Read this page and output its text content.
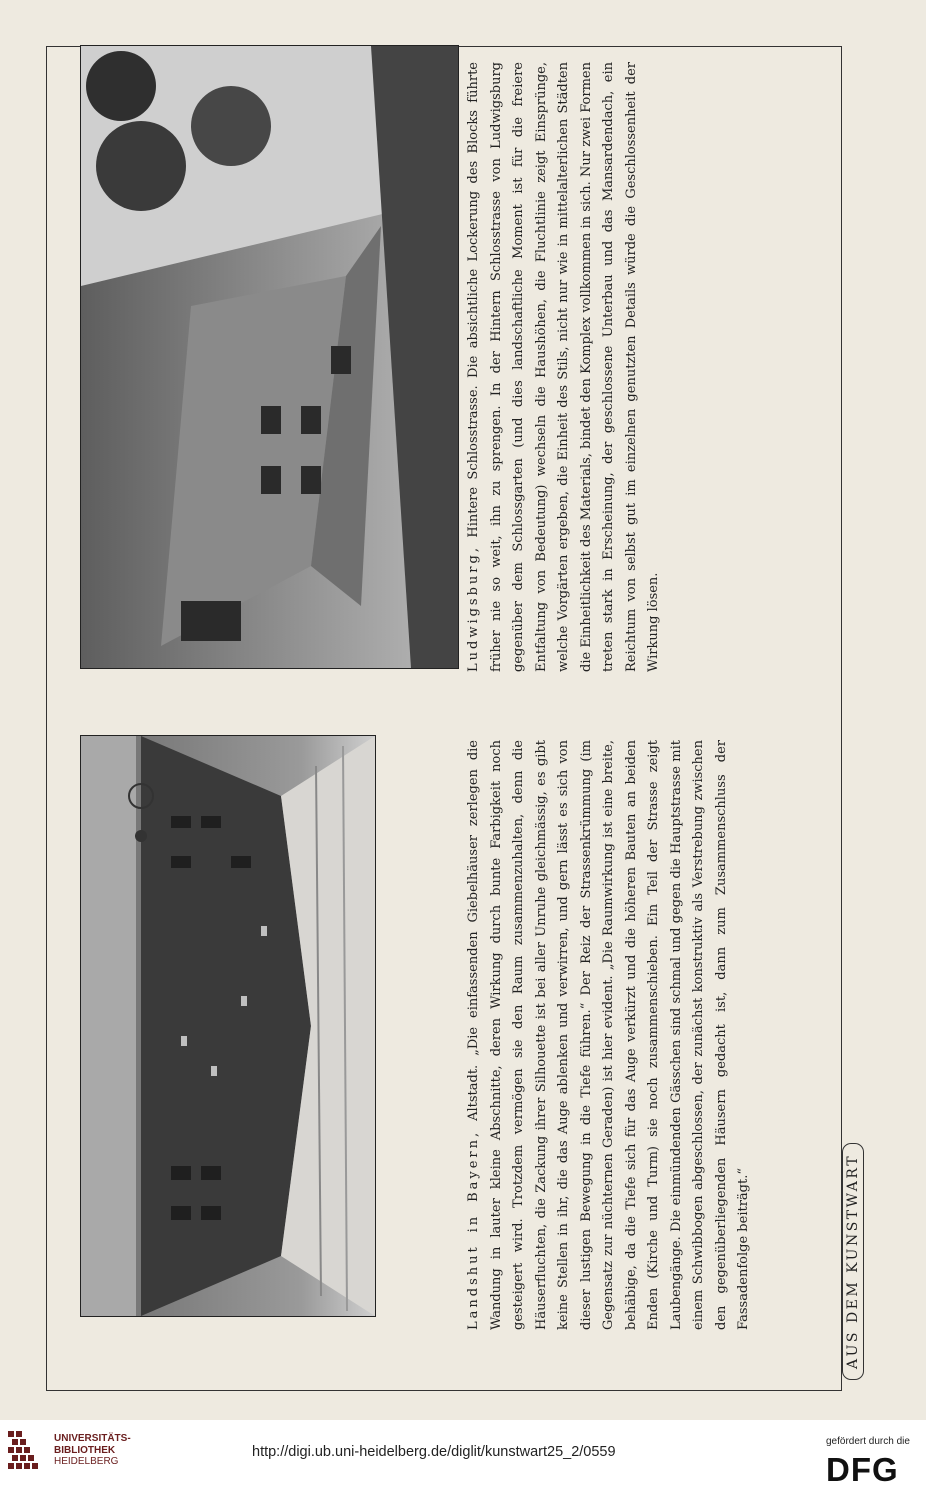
Landshut in Bayern, Altstadt. „Die einfassenden Giebelhäuser zerlegen die Wandung in lauter kleine Abschnitte, deren Wirkung durch bunte Farbigkeit noch gesteigert wird. Trotzdem vermögen sie den Raum zusammenzuhalten, denn die Häuserfluchten, die Zackung ihrer Silhouette ist bei aller Unruhe gleichmässig, es gibt keine Stellen in ihr, die das Auge ablenken und verwirren, und gern lässt es sich von dieser lustigen Bewegung in die Tiefe führen.“ Der Reiz der Strassenkrümmung (im Gegensatz zur nüchternen Geraden) ist hier evident. „Die Raumwirkung ist eine breite, behäbige, da die Tiefe sich für das Auge verkürzt und die höheren Bauten an beiden Enden (Kirche und Turm) sie noch zusammenschieben. Ein Teil der Strasse zeigt Laubengänge. Die einmündenden Gässchen sind schmal und gegen die Hauptstrasse mit einem Schwibbogen abgeschlossen, der zunächst konstruktiv als Verstrebung zwischen den gegenüberliegenden Häusern gedacht ist, dann zum Zusammenschluss der Fassadenfolge beiträgt.“

Ludwigsburg, Hintere Schlosstrasse. Die absichtliche Lockerung des Blocks führte früher nie so weit, ihn zu sprengen. In der Hintern Schlosstrasse von Ludwigsburg gegenüber dem Schlossgarten (und dies landschaftliche Moment ist für die freiere Entfaltung von Bedeutung) wechseln die Haushöhen, die Fluchtlinie zeigt Einsprünge, welche Vorgärten ergeben, die Einheit des Stils, nicht nur wie in mittelalterlichen Städten die Einheitlichkeit des Materials, bindet den Komplex vollkommen in sich. Nur zwei Formen treten stark in Erscheinung, der geschlossene Unterbau und das Mansardendach, ein Reichtum von selbst gut im einzelnen genutzten Details würde die Geschlossenheit der Wirkung lösen.

AUS DEM KUNSTWART
UNIVERSITÄTS-
BIBLIOTHEK
HEIDELBERG
http://digi.ub.uni-heidelberg.de/diglit/kunstwart25_2/0559
gefördert durch die
DFG
